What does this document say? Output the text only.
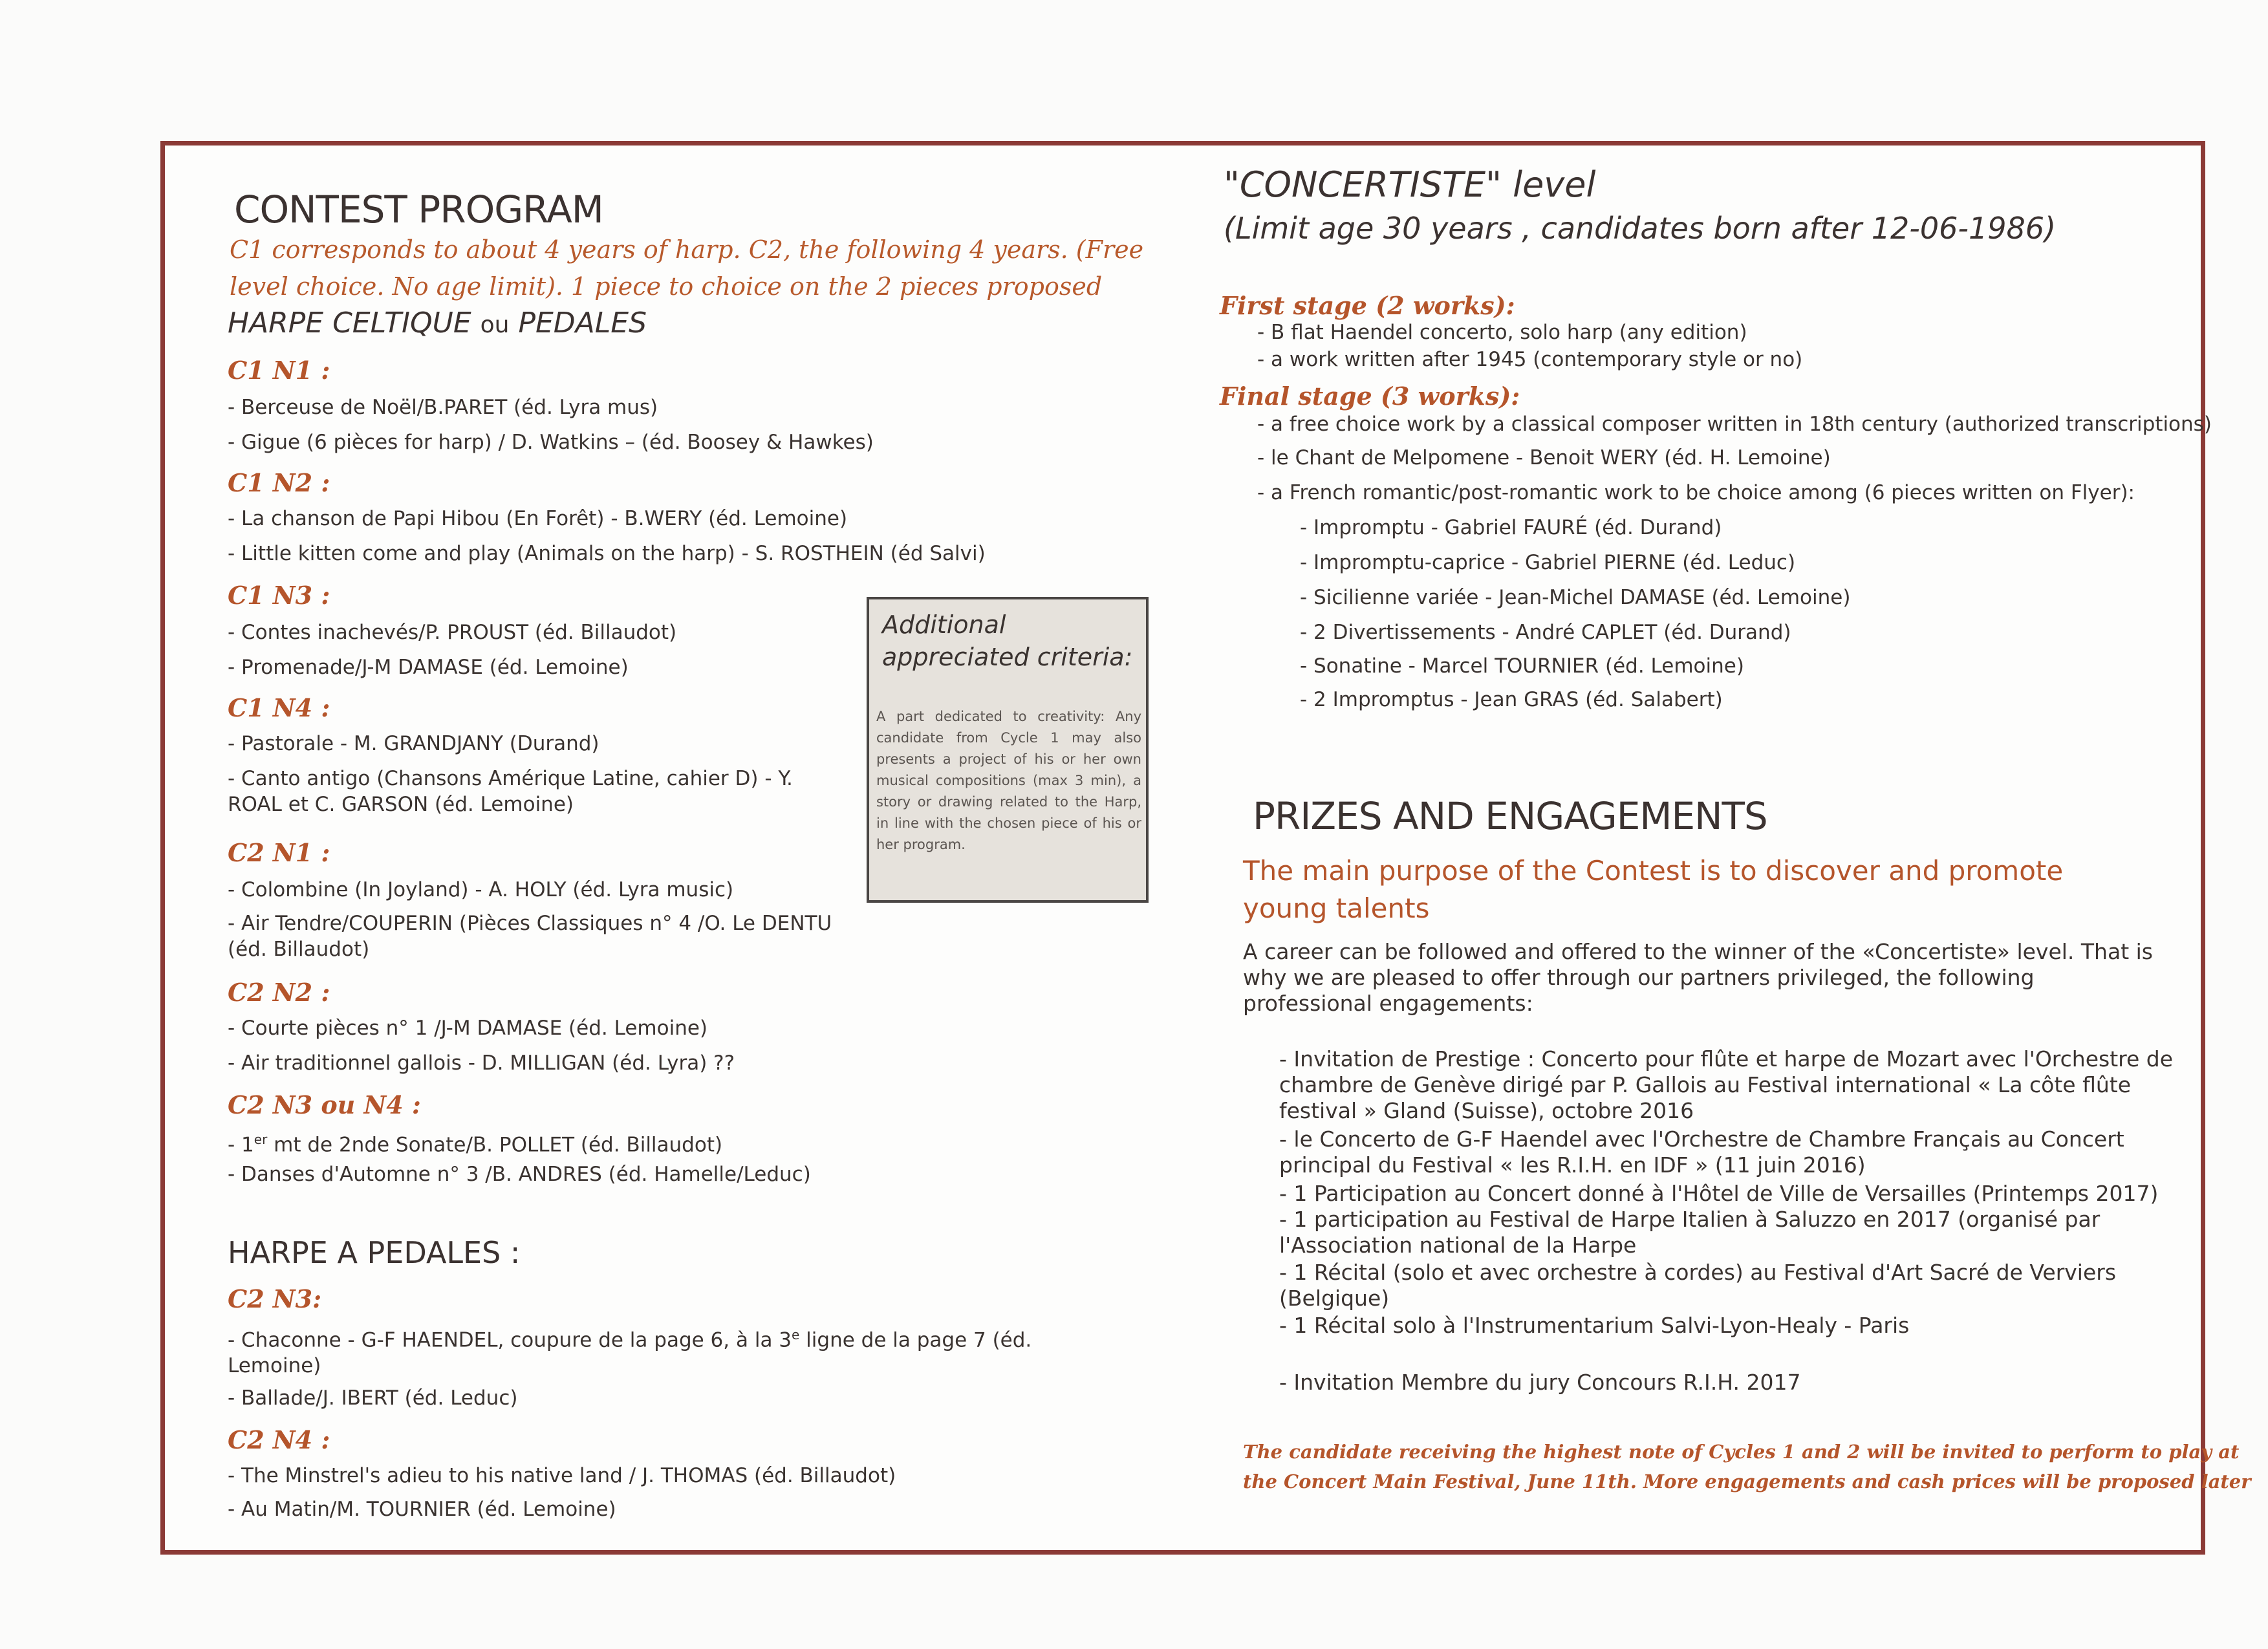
CONTEST PROGRAM
C1 corresponds to about 4 years of harp. C2, the following 4 years. (Free level choice. No age limit). 1 piece to choice on the 2 pieces proposed
HARPE CELTIQUE ou PEDALES
C1 N1 :
- Berceuse de Noël/B.PARET (éd. Lyra mus)
- Gigue (6 pièces for harp) / D. Watkins – (éd. Boosey & Hawkes)
C1 N2 :
- La chanson de Papi Hibou (En Forêt) - B.WERY (éd. Lemoine)
- Little kitten come and play (Animals on the harp) - S. ROSTHEIN (éd Salvi)
C1 N3 :
- Contes inachevés/P. PROUST (éd. Billaudot)
- Promenade/J-M DAMASE (éd. Lemoine)
C1 N4 :
- Pastorale - M. GRANDJANY (Durand)
- Canto antigo (Chansons Amérique Latine, cahier D) - Y. ROAL et C. GARSON (éd. Lemoine)
C2 N1 :
- Colombine (In Joyland) - A. HOLY (éd. Lyra music)
- Air Tendre/COUPERIN (Pièces Classiques n° 4 /O. Le DENTU (éd. Billaudot)
C2 N2 :
- Courte pièces n° 1 /J-M DAMASE (éd. Lemoine)
- Air traditionnel gallois - D. MILLIGAN (éd. Lyra) ??
C2 N3 ou N4 :
- 1er mt de 2nde Sonate/B. POLLET (éd. Billaudot)
- Danses d'Automne n° 3 /B. ANDRES (éd. Hamelle/Leduc)
HARPE A PEDALES :
C2 N3:
- Chaconne - G-F HAENDEL, coupure de la page 6, à la 3e ligne de la page 7 (éd. Lemoine)
- Ballade/J. IBERT (éd. Leduc)
C2 N4 :
- The Minstrel's adieu to his native land / J. THOMAS (éd. Billaudot)
- Au Matin/M. TOURNIER (éd. Lemoine)
Additional appreciated criteria:
A part dedicated to creativity: Any candidate from Cycle 1 may also presents a project of his or her own musical compositions (max 3 min), a story or drawing related to the Harp, in line with the chosen piece of his or her program.
"CONCERTISTE" level
(Limit age 30 years , candidates born after 12-06-1986)
First stage (2 works):
- B flat Haendel concerto, solo harp (any edition)
- a work written after 1945 (contemporary style or no)
Final stage (3 works):
- a free choice work by a classical composer written in 18th century (authorized transcriptions)
- le Chant de Melpomene - Benoit WERY (éd. H. Lemoine)
- a French romantic/post-romantic work to be choice among (6 pieces written on Flyer):
- Impromptu - Gabriel FAURÉ (éd. Durand)
- Impromptu-caprice - Gabriel PIERNE (éd. Leduc)
- Sicilienne variée - Jean-Michel DAMASE (éd. Lemoine)
- 2 Divertissements - André CAPLET (éd. Durand)
- Sonatine - Marcel TOURNIER (éd. Lemoine)
- 2 Impromptus - Jean GRAS (éd. Salabert)
PRIZES AND ENGAGEMENTS
The main purpose of the Contest is to discover and promote young talents
A career can be followed and offered to the winner of the «Concertiste» level. That is why we are pleased to offer through our partners privileged, the following professional engagements:
- Invitation de Prestige : Concerto pour flûte et harpe de Mozart avec l'Orchestre de chambre de Genève dirigé par P. Gallois au Festival international « La côte flûte festival » Gland (Suisse), octobre 2016
- le Concerto de G-F Haendel avec l'Orchestre de Chambre Français au Concert principal du Festival « les R.I.H. en IDF » (11 juin 2016)
- 1 Participation au Concert donné à l'Hôtel de Ville de Versailles (Printemps 2017)
- 1 participation au Festival de Harpe Italien à Saluzzo en 2017 (organisé par l'Association national de la Harpe
- 1 Récital (solo et avec orchestre à cordes) au Festival d'Art Sacré de Verviers (Belgique)
- 1 Récital solo à l'Instrumentarium Salvi-Lyon-Healy - Paris
- Invitation Membre du jury Concours R.I.H. 2017
The candidate receiving the highest note of Cycles 1 and 2 will be invited to perform to play at
the Concert Main Festival, June 11th. More engagements and cash prices will be proposed later
